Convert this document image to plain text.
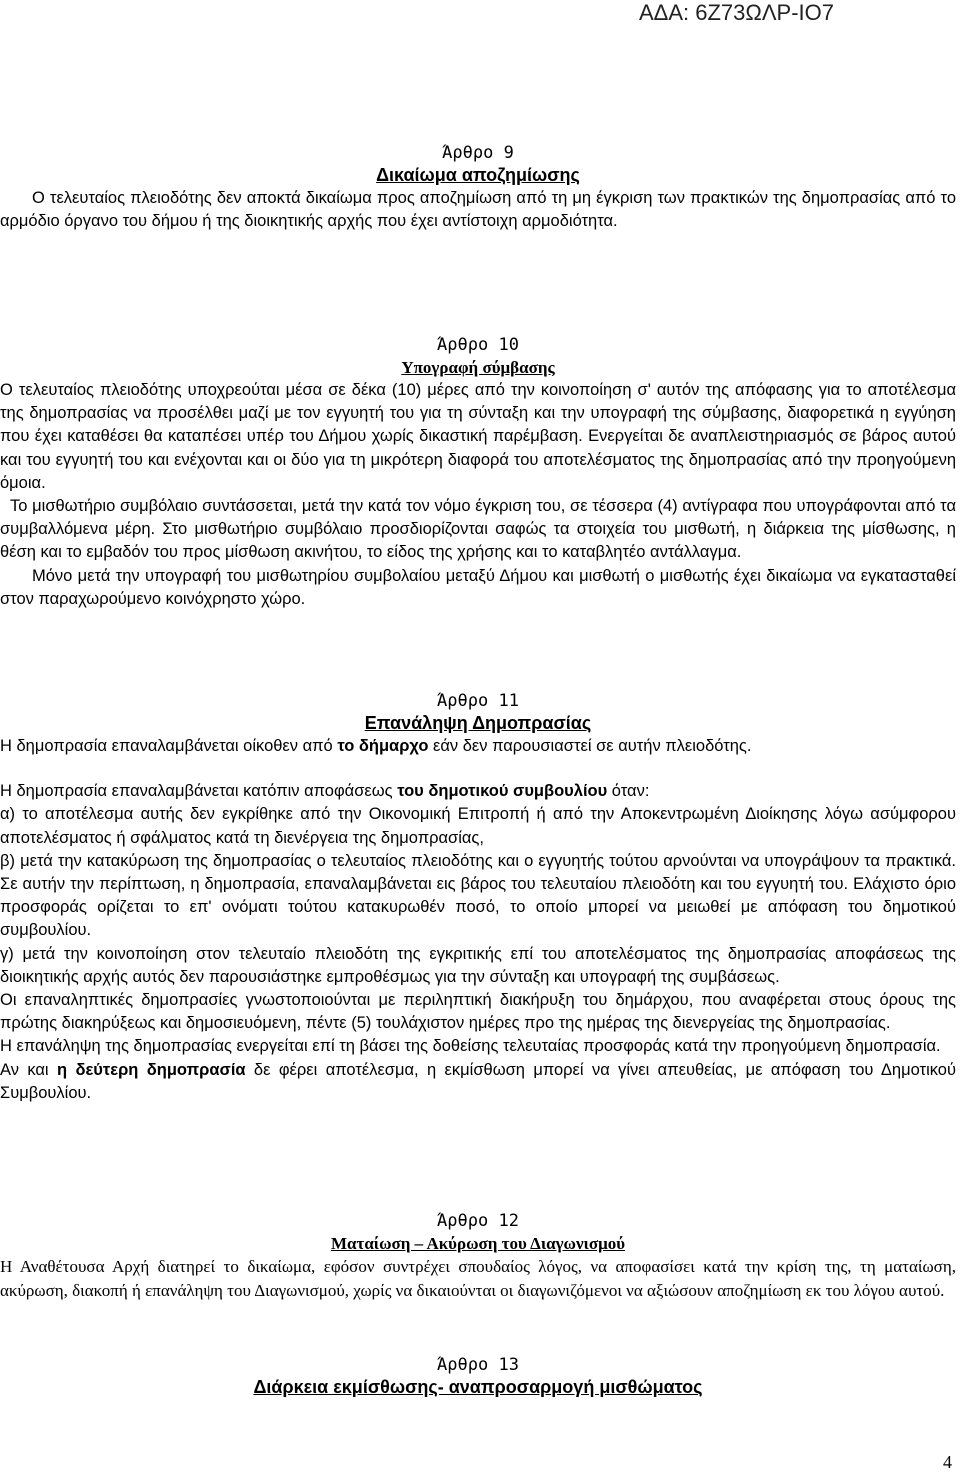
ΑΔΑ: 6Ζ73ΩΛΡ-ΙΟ7
Άρθρο 9
Δικαίωμα αποζημίωσης

Ο τελευταίος πλειοδότης δεν αποκτά δικαίωμα προς αποζημίωση από τη μη έγκριση των πρακτικών της δημοπρασίας από το αρμόδιο όργανο του δήμου ή της διοικητικής αρχής που έχει αντίστοιχη αρμοδιότητα.

Άρθρο 10
Υπογραφή σύμβασης

Ο τελευταίος πλειοδότης υποχρεούται μέσα σε δέκα (10) μέρες από την κοινοποίηση σ' αυτόν της απόφασης για το αποτέλεσμα της δημοπρασίας να προσέλθει μαζί με τον εγγυητή του για τη σύνταξη και την υπογραφή της σύμβασης, διαφορετικά η εγγύηση που έχει καταθέσει θα καταπέσει υπέρ του Δήμου χωρίς δικαστική παρέμβαση. Ενεργείται δε αναπλειστηριασμός σε βάρος αυτού και του εγγυητή του και ενέχονται και οι δύο για τη μικρότερη διαφορά του αποτελέσματος της δημοπρασίας από την προηγούμενη όμοια.

Το μισθωτήριο συμβόλαιο συντάσσεται, μετά την κατά τον νόμο έγκριση του, σε τέσσερα (4) αντίγραφα που υπογράφονται από τα συμβαλλόμενα μέρη. Στο μισθωτήριο συμβόλαιο προσδιορίζονται σαφώς τα στοιχεία του μισθωτή, η διάρκεια της μίσθωσης, η θέση και το εμβαδόν του προς μίσθωση ακινήτου, το είδος της χρήσης και το καταβλητέο αντάλλαγμα.

Μόνο μετά την υπογραφή του μισθωτηρίου συμβολαίου μεταξύ Δήμου και μισθωτή ο μισθωτής έχει δικαίωμα να εγκατασταθεί στον παραχωρούμενο κοινόχρηστο χώρο.

Άρθρο 11
Επανάληψη Δημοπρασίας

Η δημοπρασία επαναλαμβάνεται οίκοθεν από το δήμαρχο εάν δεν παρουσιαστεί σε αυτήν πλειοδότης.

Η δημοπρασία επαναλαμβάνεται κατόπιν αποφάσεως του δημοτικού συμβουλίου όταν:

α) το αποτέλεσμα αυτής δεν εγκρίθηκε από την Οικονομική Επιτροπή ή από την Αποκεντρωμένη Διοίκησης λόγω ασύμφορου αποτελέσματος ή σφάλματος κατά τη διενέργεια της δημοπρασίας,

β) μετά την κατακύρωση της δημοπρασίας ο τελευταίος πλειοδότης και ο εγγυητής τούτου αρνούνται να υπογράψουν τα πρακτικά. Σε αυτήν την περίπτωση, η δημοπρασία, επαναλαμβάνεται εις βάρος του τελευταίου πλειοδότη και του εγγυητή του. Ελάχιστο όριο προσφοράς ορίζεται το επ' ονόματι τούτου κατακυρωθέν ποσό, το οποίο μπορεί να μειωθεί με απόφαση του δημοτικού συμβουλίου.

γ) μετά την κοινοποίηση στον τελευταίο πλειοδότη της εγκριτικής επί του αποτελέσματος της δημοπρασίας αποφάσεως της διοικητικής αρχής αυτός δεν παρουσιάστηκε εμπροθέσμως για την σύνταξη και υπογραφή της συμβάσεως.

Οι επαναληπτικές δημοπρασίες γνωστοποιούνται με περιληπτική διακήρυξη του δημάρχου, που αναφέρεται στους όρους της πρώτης διακηρύξεως και δημοσιευόμενη, πέντε (5) τουλάχιστον ημέρες προ της ημέρας της διενεργείας της δημοπρασίας.

Η επανάληψη της δημοπρασίας ενεργείται επί τη βάσει της δοθείσης τελευταίας προσφοράς κατά την προηγούμενη δημοπρασία.

Αν και η δεύτερη δημοπρασία δε φέρει αποτέλεσμα, η εκμίσθωση μπορεί να γίνει απευθείας, με απόφαση του Δημοτικού Συμβουλίου.

Άρθρο 12
Ματαίωση – Ακύρωση του Διαγωνισμού

Η Αναθέτουσα Αρχή διατηρεί το δικαίωμα, εφόσον συντρέχει σπουδαίος λόγος, να αποφασίσει κατά την κρίση της, τη ματαίωση, ακύρωση, διακοπή ή επανάληψη του Διαγωνισμού, χωρίς να δικαιούνται οι διαγωνιζόμενοι να αξιώσουν αποζημίωση εκ του λόγου αυτού.

Άρθρο 13
Διάρκεια εκμίσθωσης- αναπροσαρμογή μισθώματος
4
